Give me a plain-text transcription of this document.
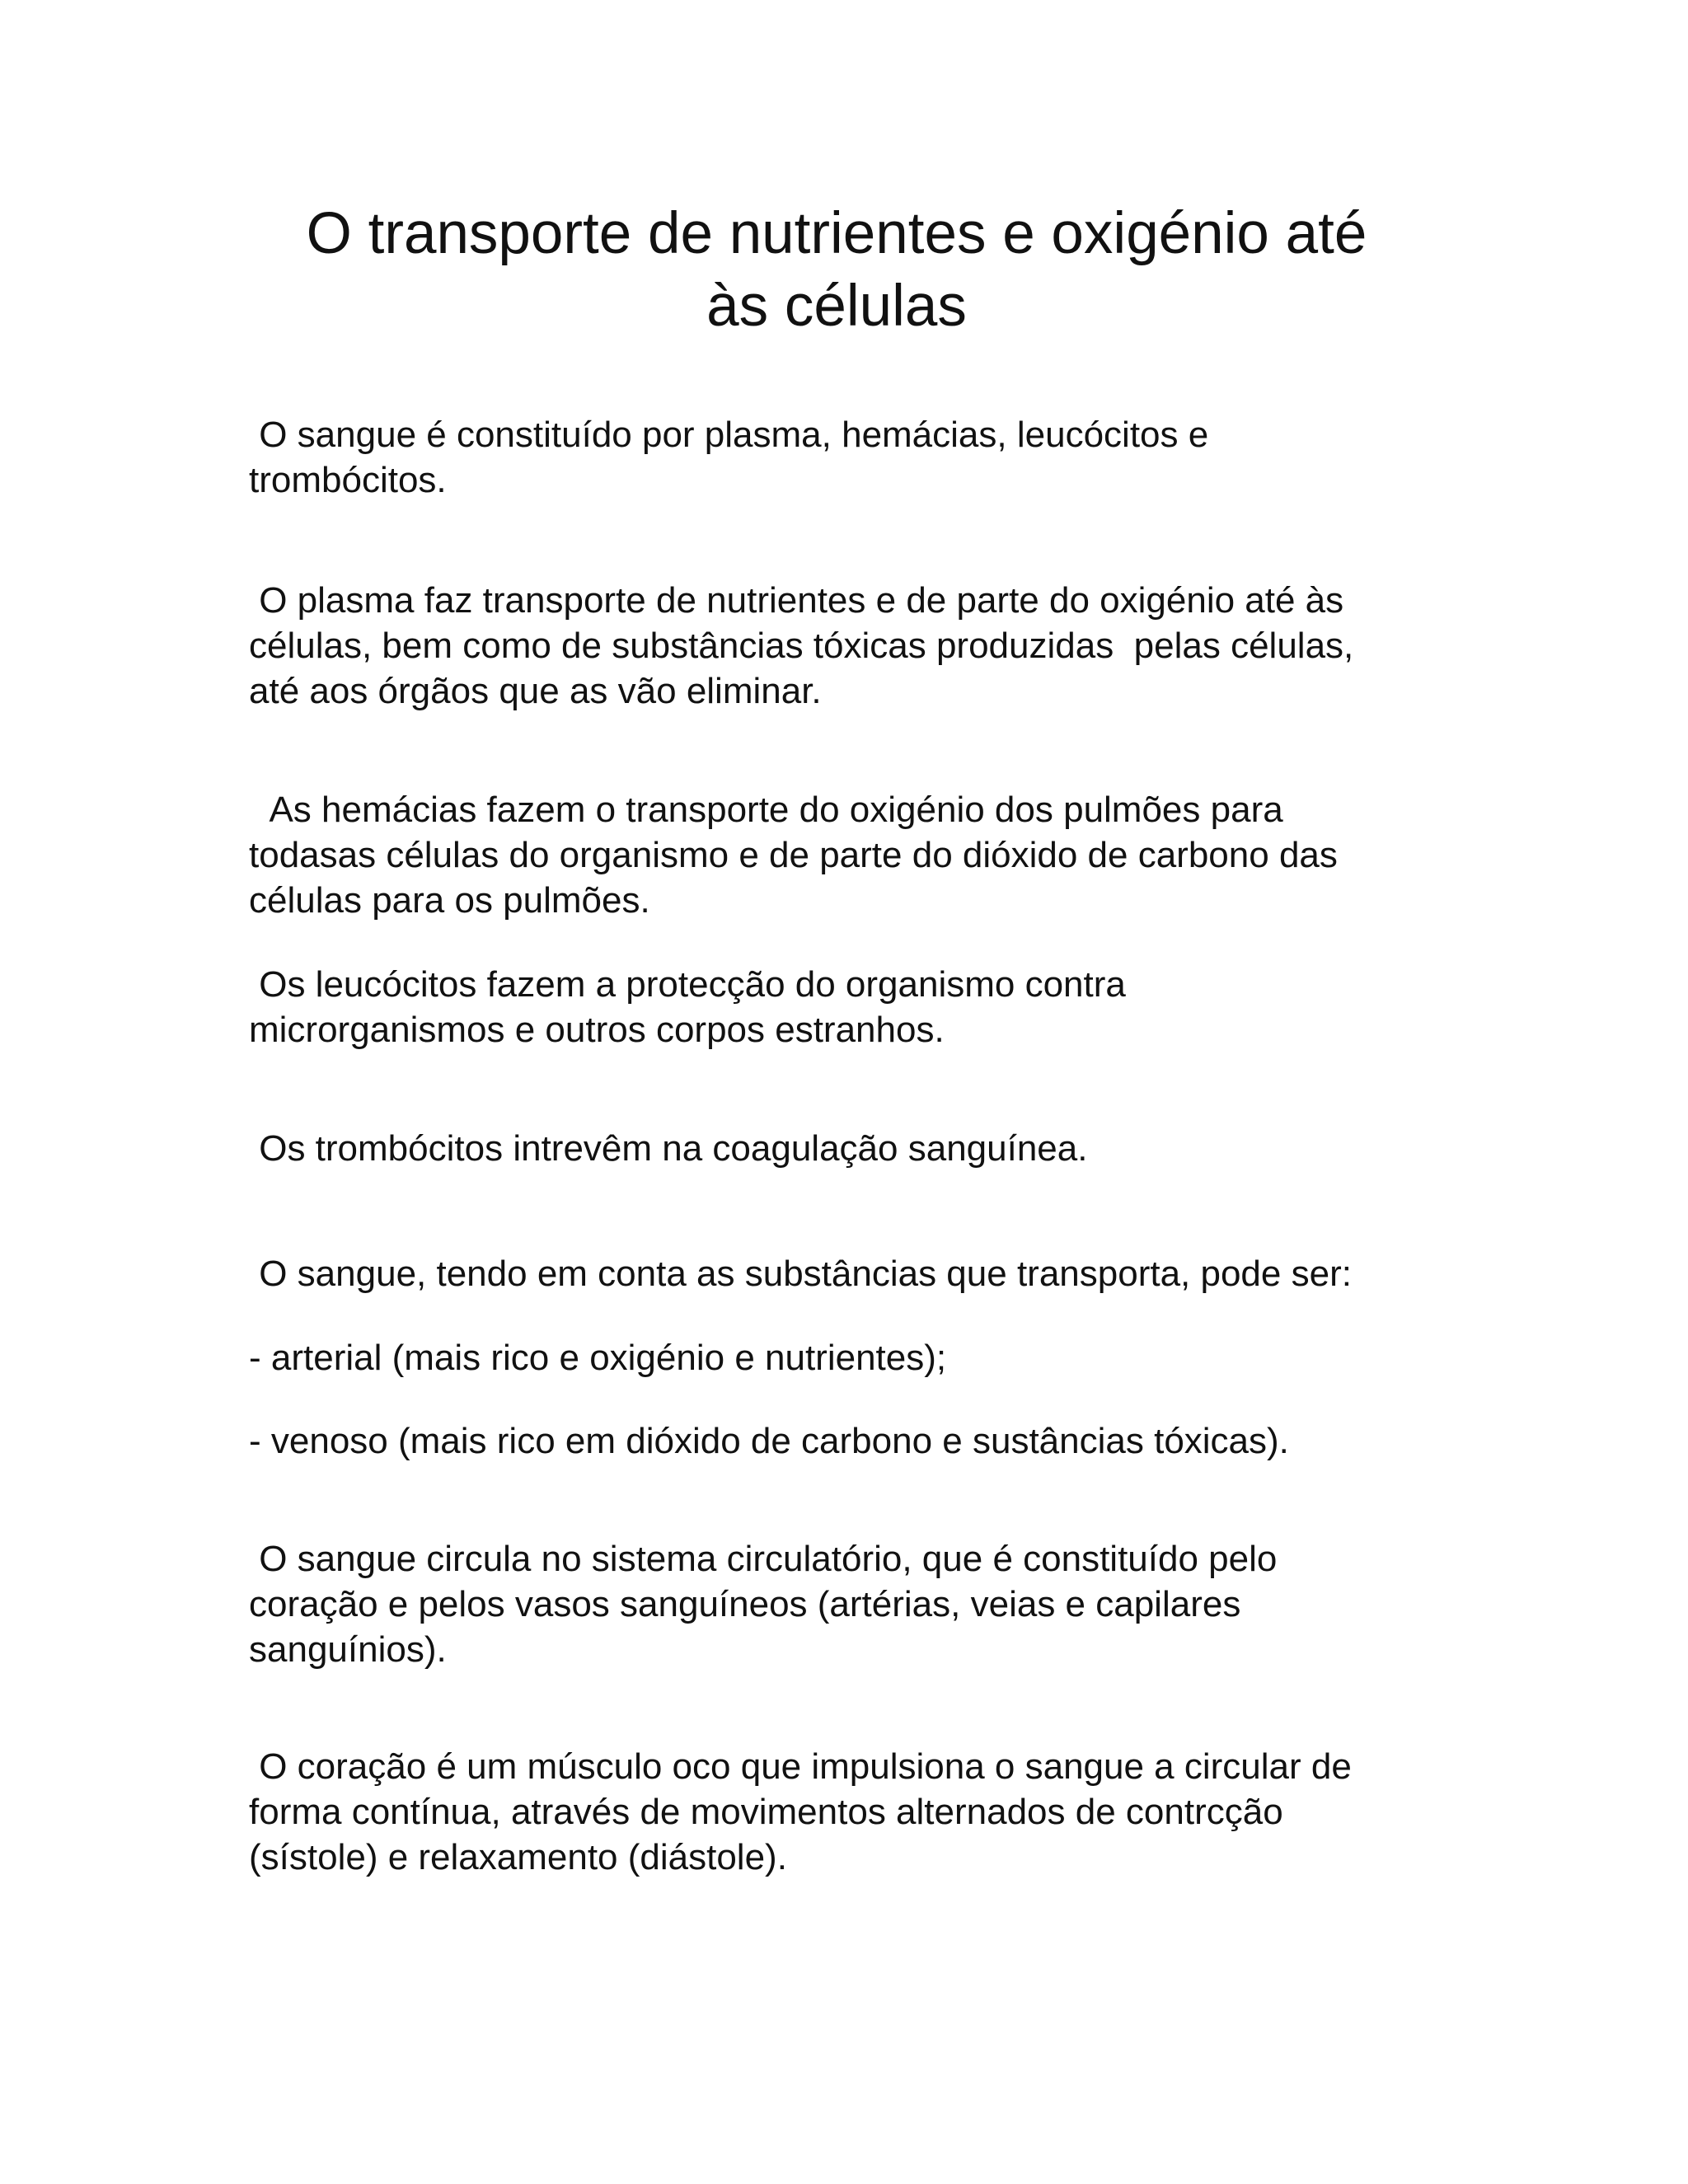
O transporte de nutrientes e oxigénio até
às células

O sangue é constituído por plasma, hemácias, leucócitos e
trombócitos.

O plasma faz transporte de nutrientes e de parte do oxigénio até às
células, bem como de substâncias tóxicas produzidas  pelas células,
até aos órgãos que as vão eliminar.

As hemácias fazem o transporte do oxigénio dos pulmões para
todasas células do organismo e de parte do dióxido de carbono das
células para os pulmões.

Os leucócitos fazem a protecção do organismo contra
microrganismos e outros corpos estranhos.

Os trombócitos intrevêm na coagulação sanguínea.

O sangue, tendo em conta as substâncias que transporta, pode ser:

- arterial (mais rico e oxigénio e nutrientes);

- venoso (mais rico em dióxido de carbono e sustâncias tóxicas).

O sangue circula no sistema circulatório, que é constituído pelo
coração e pelos vasos sanguíneos (artérias, veias e capilares
sanguínios).

O coração é um músculo oco que impulsiona o sangue a circular de
forma contínua, através de movimentos alternados de contrcção
(sístole) e relaxamento (diástole).
